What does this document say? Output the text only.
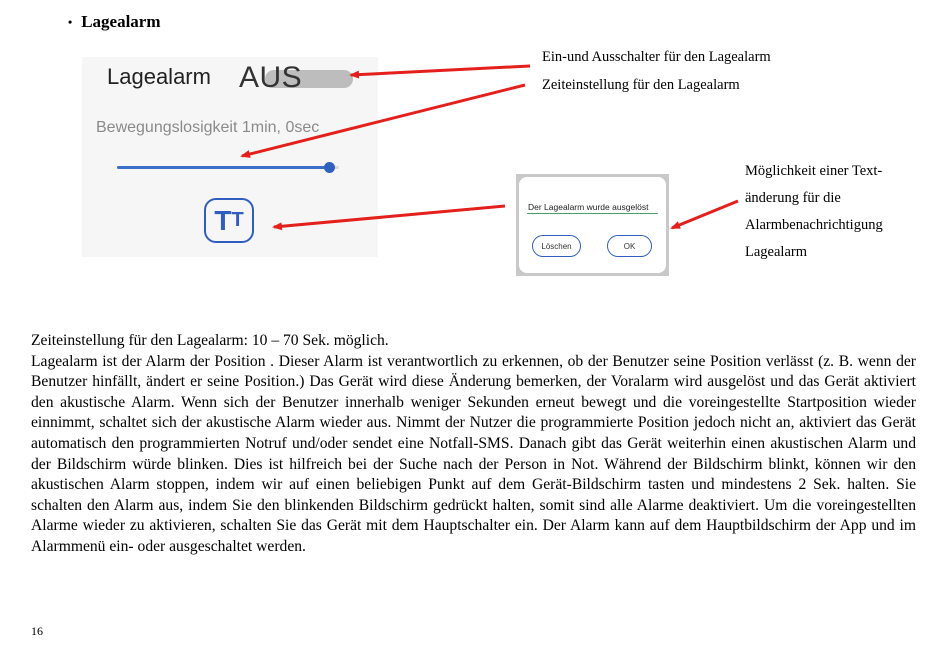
• Lagealarm
Lagealarm AUS
Bewegungslosigkeit 1min, 0sec
T T
Der Lagealarm wurde ausgelöst
Löschen	OK
Ein-und Ausschalter für den Lagealarm
Zeiteinstellung für den Lagealarm
Möglichkeit einer Text-
änderung für die
Alarmbenachrichtigung
Lagealarm

Zeiteinstellung für den Lagealarm: 10 – 70 Sek. möglich.

Lagealarm ist der Alarm der Position . Dieser Alarm ist verantwortlich zu erkennen, ob der Benutzer seine Position verlässt (z. B. wenn der Benutzer hinfällt, ändert er seine Position.) Das Gerät wird diese Änderung bemerken, der Voralarm wird ausgelöst und das Gerät aktiviert den akustische Alarm. Wenn sich der Benutzer innerhalb weniger Sekunden erneut bewegt und die voreingestellte Startposition wieder einnimmt, schaltet sich der akustische Alarm wieder aus. Nimmt der Nutzer die programmierte Position jedoch nicht an, aktiviert das Gerät automatisch den programmierten Notruf und/oder sendet eine Notfall-SMS. Danach gibt das Gerät weiterhin einen akustischen Alarm und der Bildschirm würde blinken. Dies ist hilfreich bei der Suche nach der Person in Not. Während der Bildschirm blinkt, können wir den akustischen Alarm stoppen, indem wir auf einen beliebigen Punkt auf dem Gerät-Bildschirm tasten und mindestens 2 Sek. halten. Sie schalten den Alarm aus, indem Sie den blinkenden Bildschirm gedrückt halten, somit sind alle Alarme deaktiviert. Um die voreingestellten Alarme wieder zu aktivieren, schalten Sie das Gerät mit dem Hauptschalter ein. Der Alarm kann auf dem Hauptbildschirm der App und im Alarmmenü ein- oder ausgeschaltet werden.

16
